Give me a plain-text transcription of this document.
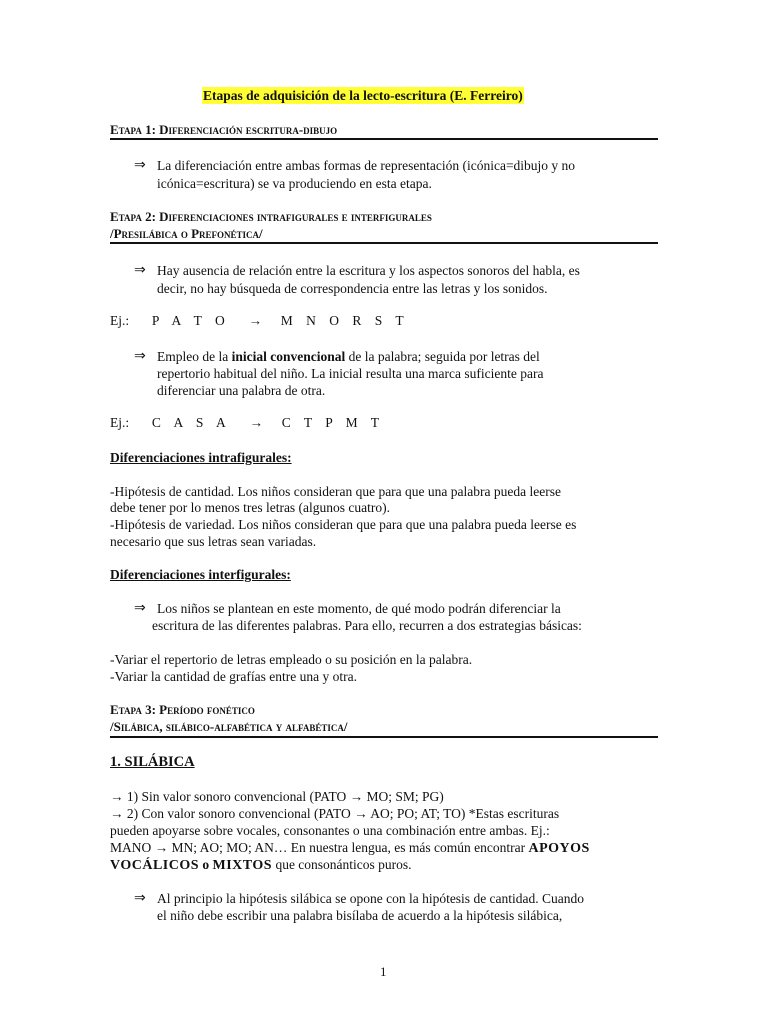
Etapas de adquisición de la lecto-escritura (E. Ferreiro)
Etapa 1: Diferenciación escritura-dibujo
⇒ La diferenciación entre ambas formas de representación (icónica=dibujo y no
icónica=escritura) se va produciendo en esta etapa.
Etapa 2: Diferenciaciones intrafigurales e interfigurales
/Presilábica o Prefonética/
⇒ Hay ausencia de relación entre la escritura y los aspectos sonoros del habla, es
decir, no hay búsqueda de correspondencia entre las letras y los sonidos.
Ej.: P A T O → M N O R S T
⇒ Empleo de la inicial convencional de la palabra; seguida por letras del
repertorio habitual del niño. La inicial resulta una marca suficiente para
diferenciar una palabra de otra.
Ej.: C A S A → C T P M T
Diferenciaciones intrafigurales:
-Hipótesis de cantidad. Los niños consideran que para que una palabra pueda leerse
debe tener por lo menos tres letras (algunos cuatro).
-Hipótesis de variedad. Los niños consideran que para que una palabra pueda leerse es
necesario que sus letras sean variadas.
Diferenciaciones interfigurales:
⇒ Los niños se plantean en este momento, de qué modo podrán diferenciar la
escritura de las diferentes palabras. Para ello, recurren a dos estrategias básicas:
-Variar el repertorio de letras empleado o su posición en la palabra.
-Variar la cantidad de grafías entre una y otra.
Etapa 3: Período fonético
/Silábica, silábico-alfabética y alfabética/
1. SILÁBICA
→ 1) Sin valor sonoro convencional (PATO → MO; SM; PG)
→ 2) Con valor sonoro convencional (PATO → AO; PO; AT; TO) *Estas escrituras
pueden apoyarse sobre vocales, consonantes o una combinación entre ambas. Ej.:
MANO → MN; AO; MO; AN… En nuestra lengua, es más común encontrar APOYOS
VOCÁLICOS o MIXTOS que consonánticos puros.
⇒ Al principio la hipótesis silábica se opone con la hipótesis de cantidad. Cuando
el niño debe escribir una palabra bisílaba de acuerdo a la hipótesis silábica,
1
